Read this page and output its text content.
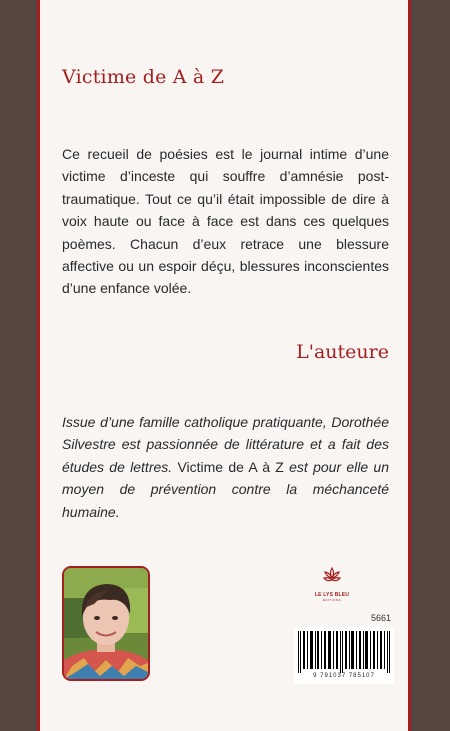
Victime de A à Z

Ce recueil de poésies est le journal intime d’une victime d’inceste qui souffre d’amnésie post-traumatique. Tout ce qu’il était impossible de dire à voix haute ou face à face est dans ces quelques poèmes. Chacun d’eux retrace une blessure affective ou un espoir déçu, blessures inconscientes d’une enfance volée.

L'auteure

Issue d’une famille catholique pratiquante, Dorothée Silvestre est passionnée de littérature et a fait des études de lettres. Victime de A à Z est pour elle un moyen de prévention contre la méchanceté humaine.

LE LYS BLEU
ÉDITIONS
5661
9 791037 785107
